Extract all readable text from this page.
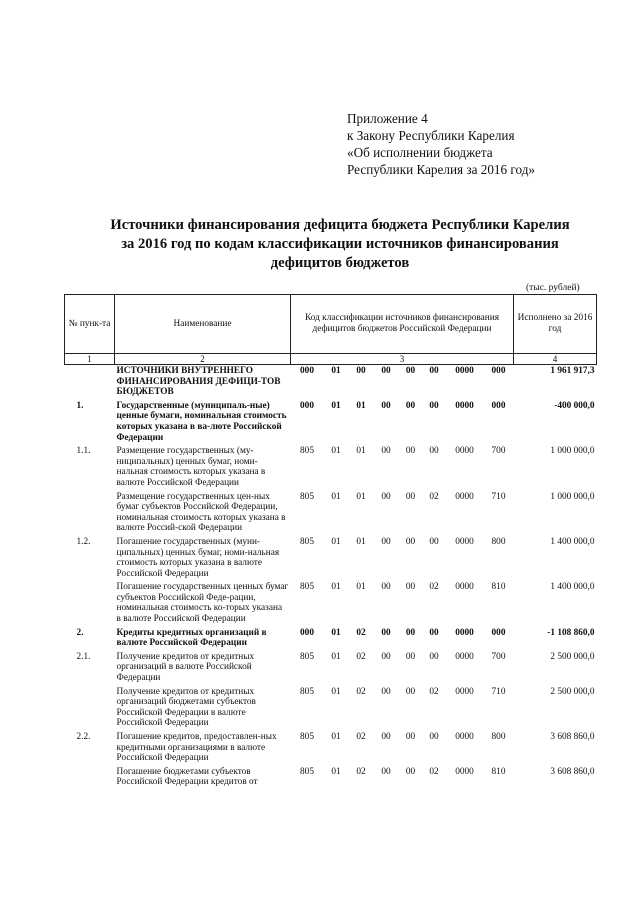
Приложение 4
к Закону Республики Карелия
«Об исполнении бюджета
Республики Карелия за 2016 год»
Источники финансирования дефицита бюджета Республики Карелия
за 2016 год по кодам классификации источников финансирования
дефицитов бюджетов
(тыс. рублей)
№ пунк-та	Наименование	Код классификации источников финансирования дефицитов бюджетов Российской Федерации								Исполнено за 2016 год
1	2	3								4
	ИСТОЧНИКИ ВНУТРЕННЕГО ФИНАНСИРОВАНИЯ ДЕФИЦИ-ТОВ БЮДЖЕТОВ	000	01	00	00	00	00	0000	000	1 961 917,3
1.	Государственные (муниципаль-ные) ценные бумаги, номинальная стоимость которых указана в ва-люте Российской Федерации	000	01	01	00	00	00	0000	000	-400 000,0
1.1.	Размещение государственных (му-ниципальных) ценных бумаг, номи-нальная стоимость которых указана в валюте Российской Федерации	805	01	01	00	00	00	0000	700	1 000 000,0
	Размещение государственных цен-ных бумаг субъектов Российской Федерации, номинальная стоимость которых указана в валюте Россий-ской Федерации	805	01	01	00	00	02	0000	710	1 000 000,0
1.2.	Погашение государственных (муни-ципальных) ценных бумаг, номи-нальная стоимость которых указана в валюте Российской Федерации	805	01	01	00	00	00	0000	800	1 400 000,0
	Погашение государственных ценных бумаг субъектов Российской Феде-рации, номинальная стоимость ко-торых указана в валюте Российской Федерации	805	01	01	00	00	02	0000	810	1 400 000,0
2.	Кредиты кредитных организаций в валюте Российской Федерации	000	01	02	00	00	00	0000	000	-1 108 860,0
2.1.	Получение кредитов от кредитных организаций в валюте Российской Федерации	805	01	02	00	00	00	0000	700	2 500 000,0
	Получение кредитов от кредитных организаций бюджетами субъектов Российской Федерации в валюте Российской Федерации	805	01	02	00	00	02	0000	710	2 500 000,0
2.2.	Погашение кредитов, предоставлен-ных кредитными организациями в валюте Российской Федерации	805	01	02	00	00	00	0000	800	3 608 860,0
	Погашение бюджетами субъектов Российской Федерации кредитов от	805	01	02	00	00	02	0000	810	3 608 860,0
